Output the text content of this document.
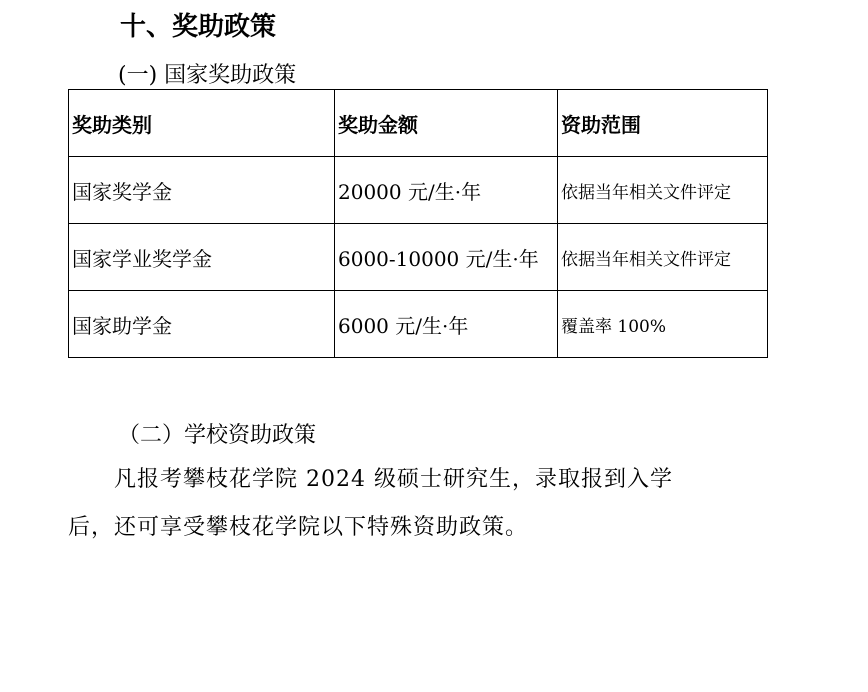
十、奖助政策
(一) 国家奖助政策
奖助类别	奖助金额	资助范围
国家奖学金	20000 元/生·年	依据当年相关文件评定
国家学业奖学金	6000-10000 元/生·年	依据当年相关文件评定
国家助学金	6000 元/生·年	覆盖率 100%
（二）学校资助政策
凡报考攀枝花学院 2024 级硕士研究生，录取报到入学
后，还可享受攀枝花学院以下特殊资助政策。
